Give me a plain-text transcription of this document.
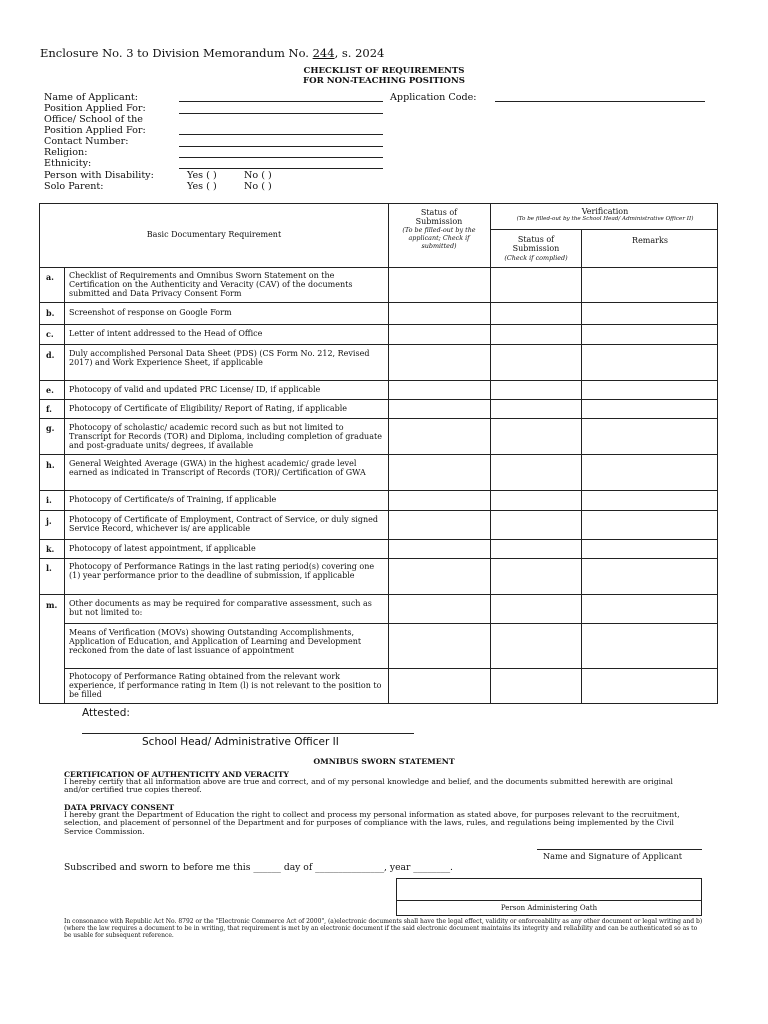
Enclosure No. 3 to Division Memorandum No. 244, s. 2024
CHECKLIST OF REQUIREMENTS
FOR NON-TEACHING POSITIONS
Name of Applicant:	Application Code:
Position Applied For:
Office/ School of the
Position Applied For:
Contact Number:
Religion:
Ethnicity:
Person with Disability:	Yes ( )	No ( )
Solo Parent:	Yes ( )	No ( )
Basic Documentary Requirement
Status of Submission
(To be filled-out by the applicant; Check if submitted)
Verification
(To be filled-out by the School Head/ Administrative Officer II)
Status of Submission
(Check if complied)
Remarks
a. Checklist of Requirements and Omnibus Sworn Statement on the Certification on the Authenticity and Veracity (CAV) of the documents submitted and Data Privacy Consent Form
b. Screenshot of response on Google Form
c. Letter of intent addressed to the Head of Office
d. Duly accomplished Personal Data Sheet (PDS) (CS Form No. 212, Revised 2017) and Work Experience Sheet, if applicable
e. Photocopy of valid and updated PRC License/ ID, if applicable
f. Photocopy of Certificate of Eligibility/ Report of Rating, if applicable
g. Photocopy of scholastic/ academic record such as but not limited to Transcript for Records (TOR) and Diploma, including completion of graduate and post-graduate units/ degrees, if available
h. General Weighted Average (GWA) in the highest academic/ grade level earned as indicated in Transcript of Records (TOR)/ Certification of GWA
i. Photocopy of Certificate/s of Training, if applicable
j. Photocopy of Certificate of Employment, Contract of Service, or duly signed Service Record, whichever is/ are applicable
k. Photocopy of latest appointment, if applicable
l. Photocopy of Performance Ratings in the last rating period(s) covering one (1) year performance prior to the deadline of submission, if applicable
m. Other documents as may be required for comparative assessment, such as but not limited to:
Means of Verification (MOVs) showing Outstanding Accomplishments, Application of Education, and Application of Learning and Development reckoned from the date of last issuance of appointment
Photocopy of Performance Rating obtained from the relevant work experience, if performance rating in Item (l) is not relevant to the position to be filled
Attested:
School Head/ Administrative Officer II
OMNIBUS SWORN STATEMENT
CERTIFICATION OF AUTHENTICITY AND VERACITY
I hereby certify that all information above are true and correct, and of my personal knowledge and belief, and the documents submitted herewith are original and/or certified true copies thereof.
DATA PRIVACY CONSENT
I hereby grant the Department of Education the right to collect and process my personal information as stated above, for purposes relevant to the recruitment, selection, and placement of personnel of the Department and for purposes of compliance with the laws, rules, and regulations being implemented by the Civil Service Commission.
Name and Signature of Applicant
Subscribed and sworn to before me this ______ day of _______________, year ________.
Person Administering Oath
In consonance with Republic Act No. 8792 or the "Electronic Commerce Act of 2000", (a)electronic documents shall have the legal effect, validity or enforceability as any other document or legal writing and b) (where the law requires a document to be in writing, that requirement is met by an electronic document if the said electronic document maintains its integrity and reliability and can be authenticated so as to be usable for subsequent reference.
